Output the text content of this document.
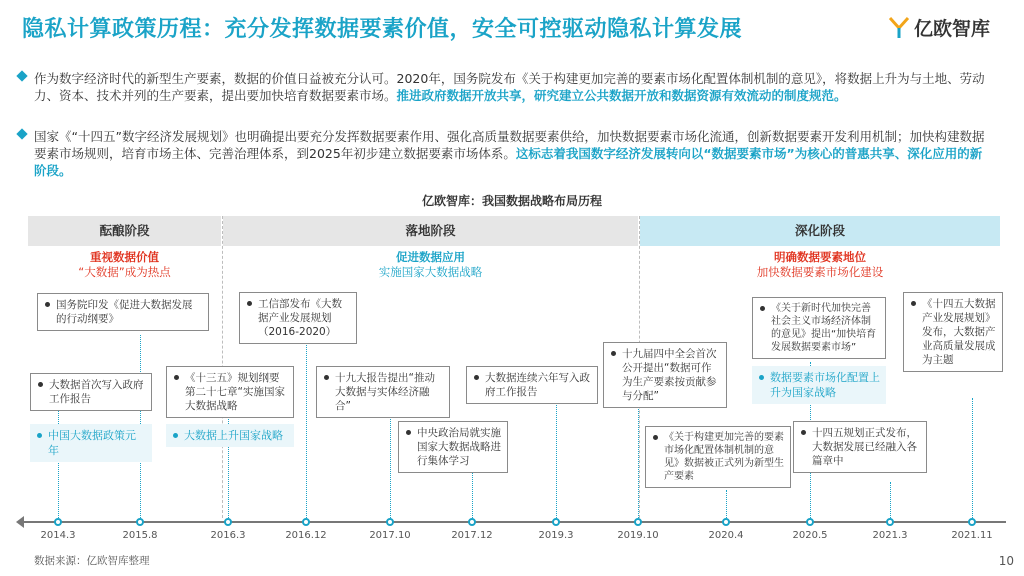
隐私计算政策历程：充分发挥数据要素价值，安全可控驱动隐私计算发展	亿欧智库
作为数字经济时代的新型生产要素，数据的价值日益被充分认可。2020年，国务院发布《关于构建更加完善的要素市场化配置体制机制的意见》，将数据上升为与土地、劳动力、资本、技术并列的生产要素，提出要加快培育数据要素市场。推进政府数据开放共享，研究建立公共数据开放和数据资源有效流动的制度规范。
国家《“十四五”数字经济发展规划》也明确提出要充分发挥数据要素作用、强化高质量数据要素供给，加快数据要素市场化流通，创新数据要素开发利用机制；加快构建数据要素市场规则，培育市场主体、完善治理体系，到2025年初步建立数据要素市场体系。这标志着我国数字经济发展转向以“数据要素市场”为核心的普惠共享、深化应用的新阶段。
亿欧智库：我国数据战略布局历程
酝酿阶段	落地阶段	深化阶段
重视数据价值
“大数据”成为热点
促进数据应用
实施国家大数据战略
明确数据要素地位
加快数据要素市场化建设
国务院印发《促进大数据发展的行动纲要》
大数据首次写入政府工作报告
《十三五》规划纲要第二十七章“实施国家大数据战略
工信部发布《大数据产业发展规划（2016-2020）
十九大报告提出“推动大数据与实体经济融合”
中央政治局就实施国家大数据战略进行集体学习
大数据连续六年写入政府工作报告
十九届四中全会首次公开提出“数据可作为生产要素按贡献参与分配”
《关于构建更加完善的要素市场化配置体制机制的意见》数据被正式列为新型生产要素
《关于新时代加快完善社会主义市场经济体制的意见》提出“加快培育发展数据要素市场”
十四五规划正式发布，大数据发展已经融入各篇章中
《十四五大数据产业发展规划》发布，大数据产业高质量发展成为主题
中国大数据政策元年
大数据上升国家战略
数据要素市场化配置上升为国家战略
2014.3	2015.8	2016.3	2016.12	2017.10	2017.12	2019.3	2019.10	2020.4	2020.5	2021.3	2021.11
数据来源：亿欧智库整理	10
